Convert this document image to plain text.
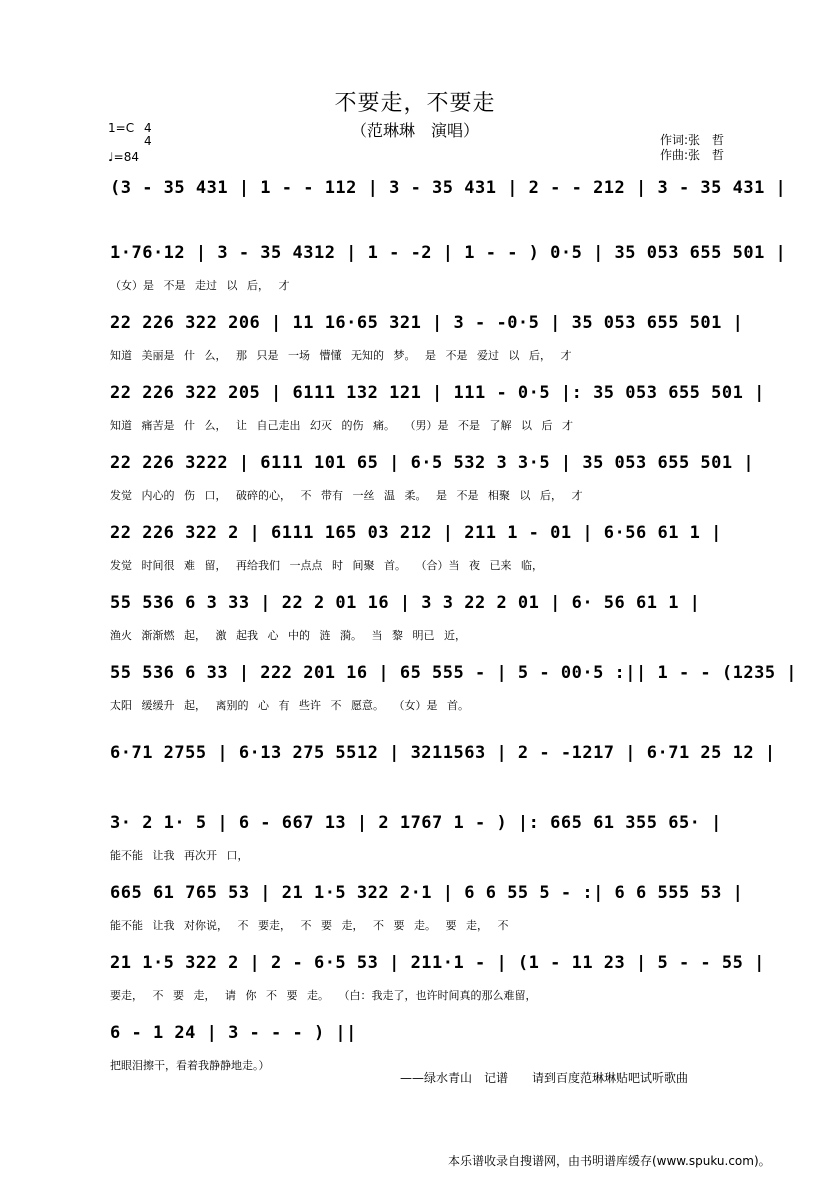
不要走，不要走
（范琳琳　演唱）
1=C 4
4
♩=84
作词:张　哲
作曲:张　哲
(3 - 35 431 | 1 - - 112 | 3 - 35 431 | 2 - - 212 | 3 - 35 431 |
1·76·12 | 3 - 35 4312 | 1 - -2 | 1 - - ) 0·5 | 35 053 655 501 |
（女）是 不是 走过 以 后， 才
22 226 322 206 | 11 16·65 321 | 3 - -0·5 | 35 053 655 501 |
知道 美丽是 什 么， 那 只是 一场 懵懂 无知的 梦。 是 不是 爱过 以 后， 才
22 226 322 205 | 6111 132 121 | 111 - 0·5 |: 35 053 655 501 |
知道 痛苦是 什 么， 让 自己走出 幻灭 的伤 痛。 （男）是 不是 了解 以 后 才
22 226 3222 | 6111 101 65 | 6·5 532 3 3·5 | 35 053 655 501 |
发觉 内心的 伤 口， 破碎的心， 不 带有 一丝 温 柔。 是 不是 相聚 以 后， 才
22 226 322 2 | 6111 165 03 212 | 211 1 - 01 | 6·56 61 1 |
发觉 时间很 难 留， 再给我们 一点点 时 间聚 首。 （合）当 夜 已来 临，
55 536 6 3 33 | 22 2 01 16 | 3 3 22 2 01 | 6· 56 61 1 |
渔火 渐渐燃 起， 激 起我 心 中的 涟 漪。 当 黎 明已 近，
55 536 6 33 | 222 201 16 | 65 555 - | 5 - 00·5 :|| 1 - - (1235 |
太阳 缓缓升 起， 离别的 心 有 些许 不 愿意。 （女）是 首。
6·71 2755 | 6·13 275 5512 | 3211563 | 2 - -1217 | 6·71 25 12 |
3· 2 1· 5 | 6 - 667 13 | 2 1767 1 - ) |: 665 61 355 65· |
能不能 让我 再次开 口，
665 61 765 53 | 21 1·5 322 2·1 | 6 6 55 5 - :| 6 6 555 53 |
能不能 让我 对你说， 不 要走， 不 要 走， 不 要 走。 要 走， 不
21 1·5 322 2 | 2 - 6·5 53 | 211·1 - | (1 - 11 23 | 5 - - 55 |
要走， 不 要 走， 请 你 不 要 走。 （白：我走了，也许时间真的那么难留，
6 - 1 24 | 3 - - - ) ||
把眼泪擦干，看着我静静地走。）
——绿水青山　记谱　　请到百度范琳琳贴吧试听歌曲
本乐谱收录自搜谱网，由书明谱库缓存(www.spuku.com)。
